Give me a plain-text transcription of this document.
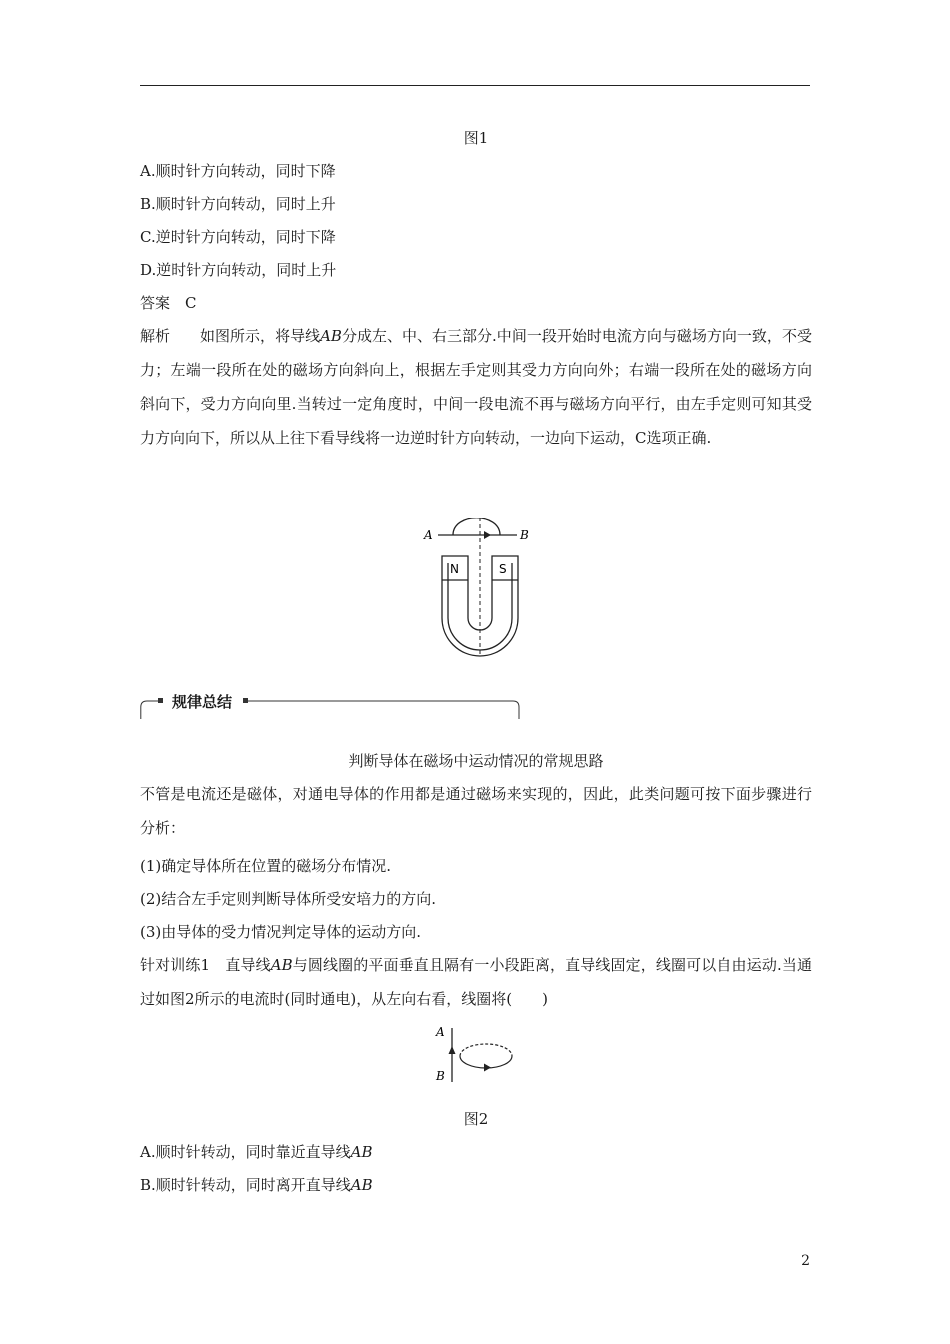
图1
A.顺时针方向转动，同时下降
B.顺时针方向转动，同时上升
C.逆时针方向转动，同时下降
D.逆时针方向转动，同时上升
答案　C
解析　　 如图所示，将导线AB分成左、中、右三部分.中间一段开始时电流方向与磁场方向一致，不受力；左端一段所在处的磁场方向斜向上，根据左手定则其受力方向向外；右端一段所在处的磁场方向斜向下，受力方向向里.当转过一定角度时，中间一段电流不再与磁场方向平行，由左手定则可知其受力方向向下，所以从上往下看导线将一边逆时针方向转动，一边向下运动，C选项正确.
A	B
N	S
规律总结
判断导体在磁场中运动情况的常规思路
不管是电流还是磁体，对通电导体的作用都是通过磁场来实现的，因此，此类问题可按下面步骤进行分析：
(1)确定导体所在位置的磁场分布情况.
(2)结合左手定则判断导体所受安培力的方向.
(3)由导体的受力情况判定导体的运动方向.
针对训练1　 直导线AB与圆线圈的平面垂直且隔有一小段距离，直导线固定，线圈可以自由运动.当通过如图2所示的电流时(同时通电)，从左向右看，线圈将(　　)
A
B
图2
A.顺时针转动，同时靠近直导线AB
B.顺时针转动，同时离开直导线AB
2
